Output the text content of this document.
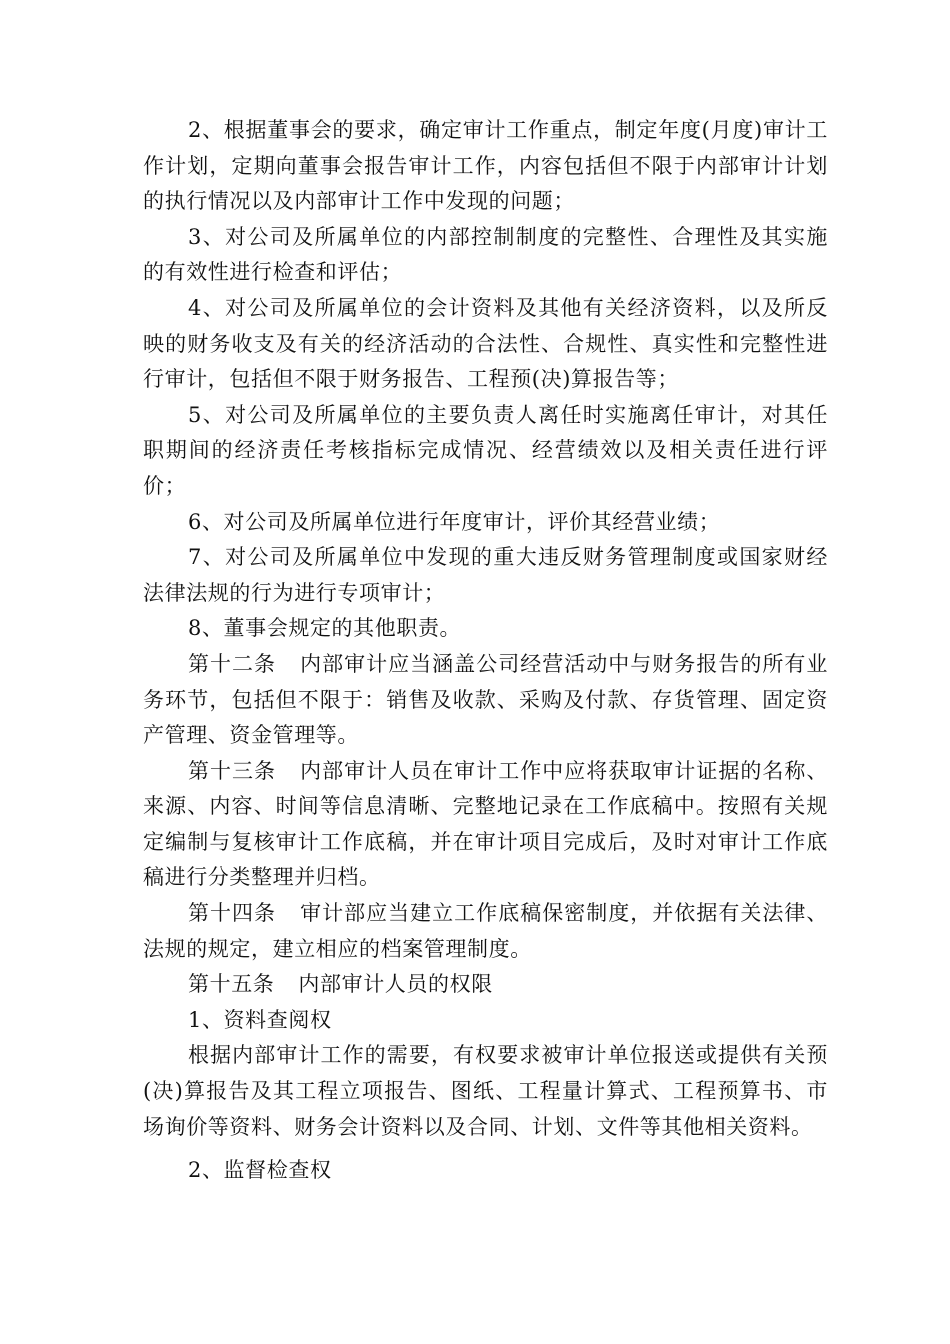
2、根据董事会的要求，确定审计工作重点，制定年度(月度)审计工作计划，定期向董事会报告审计工作，内容包括但不限于内部审计计划的执行情况以及内部审计工作中发现的问题；

3、对公司及所属单位的内部控制制度的完整性、合理性及其实施的有效性进行检查和评估；

4、对公司及所属单位的会计资料及其他有关经济资料，以及所反映的财务收支及有关的经济活动的合法性、合规性、真实性和完整性进行审计，包括但不限于财务报告、工程预(决)算报告等；

5、对公司及所属单位的主要负责人离任时实施离任审计，对其任职期间的经济责任考核指标完成情况、经营绩效以及相关责任进行评价；

6、对公司及所属单位进行年度审计，评价其经营业绩；

7、对公司及所属单位中发现的重大违反财务管理制度或国家财经法律法规的行为进行专项审计；

8、董事会规定的其他职责。

第十二条 内部审计应当涵盖公司经营活动中与财务报告的所有业务环节，包括但不限于：销售及收款、采购及付款、存货管理、固定资产管理、资金管理等。

第十三条 内部审计人员在审计工作中应将获取审计证据的名称、来源、内容、时间等信息清晰、完整地记录在工作底稿中。按照有关规定编制与复核审计工作底稿，并在审计项目完成后，及时对审计工作底稿进行分类整理并归档。

第十四条 审计部应当建立工作底稿保密制度，并依据有关法律、法规的规定，建立相应的档案管理制度。

第十五条 内部审计人员的权限

1、资料查阅权

根据内部审计工作的需要，有权要求被审计单位报送或提供有关预(决)算报告及其工程立项报告、图纸、工程量计算式、工程预算书、市场询价等资料、财务会计资料以及合同、计划、文件等其他相关资料。

2、监督检查权
